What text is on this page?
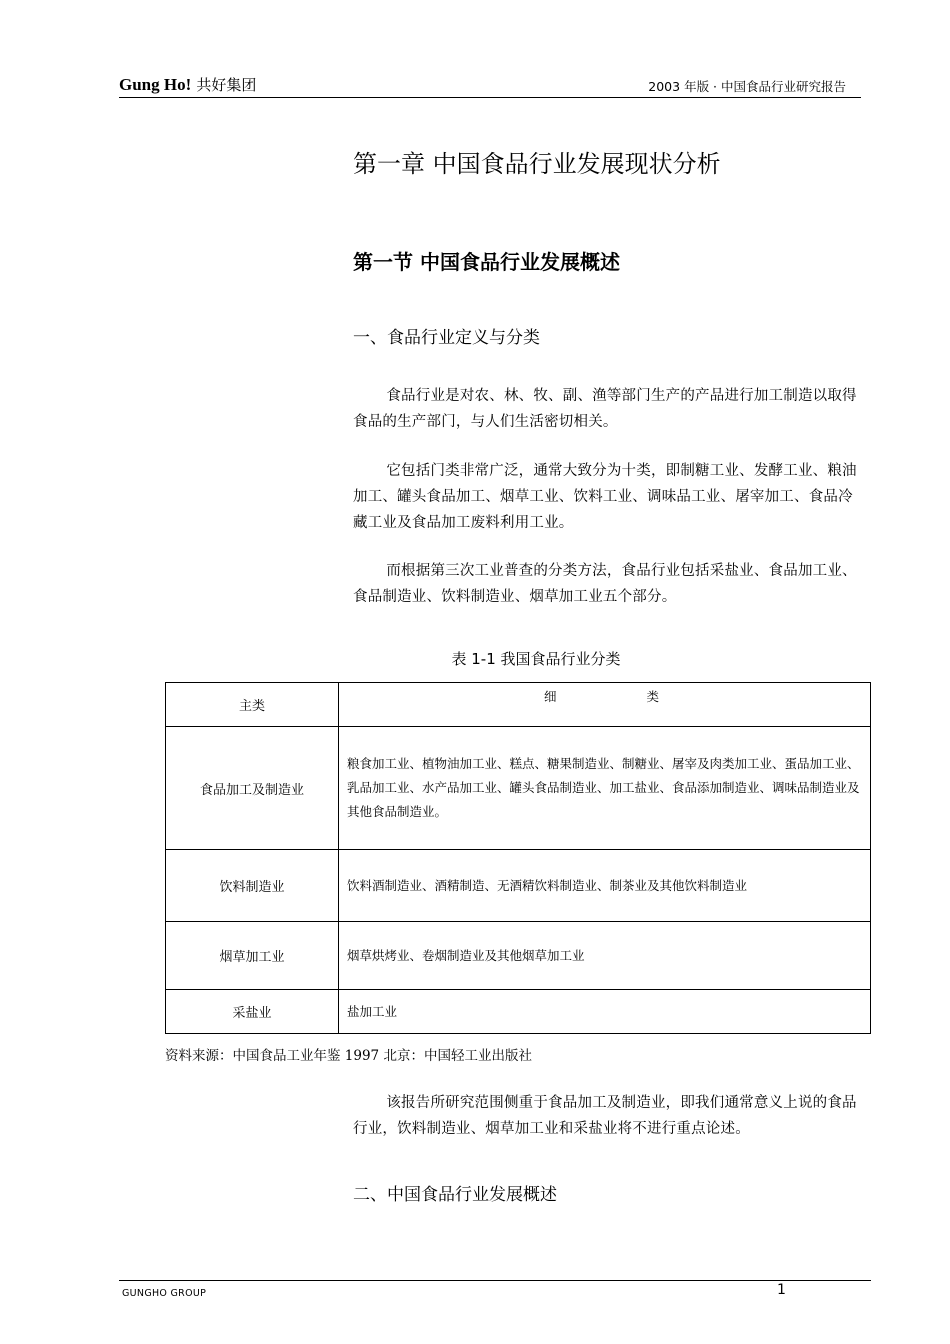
Gung Ho! 共好集团	2003 年版 · 中国食品行业研究报告
第一章 中国食品行业发展现状分析
第一节 中国食品行业发展概述
一、食品行业定义与分类
食品行业是对农、林、牧、副、渔等部门生产的产品进行加工制造以取得食品的生产部门，与人们生活密切相关。
它包括门类非常广泛，通常大致分为十类，即制糖工业、发酵工业、粮油加工、罐头食品加工、烟草工业、饮料工业、调味品工业、屠宰加工、食品冷藏工业及食品加工废料利用工业。
而根据第三次工业普查的分类方法，食品行业包括采盐业、食品加工业、食品制造业、饮料制造业、烟草加工业五个部分。
表 1-1 我国食品行业分类
主类	细 类
食品加工及制造业	粮食加工业、植物油加工业、糕点、糖果制造业、制糖业、屠宰及肉类加工业、蛋品加工业、乳品加工业、水产品加工业、罐头食品制造业、加工盐业、食品添加制造业、调味品制造业及其他食品制造业。
饮料制造业	饮料酒制造业、酒精制造、无酒精饮料制造业、制茶业及其他饮料制造业
烟草加工业	烟草烘烤业、卷烟制造业及其他烟草加工业
采盐业	盐加工业
资料来源：中国食品工业年鉴 1997 北京：中国轻工业出版社
该报告所研究范围侧重于食品加工及制造业，即我们通常意义上说的食品行业，饮料制造业、烟草加工业和采盐业将不进行重点论述。
二、中国食品行业发展概述
GUNGHO GROUP	1
